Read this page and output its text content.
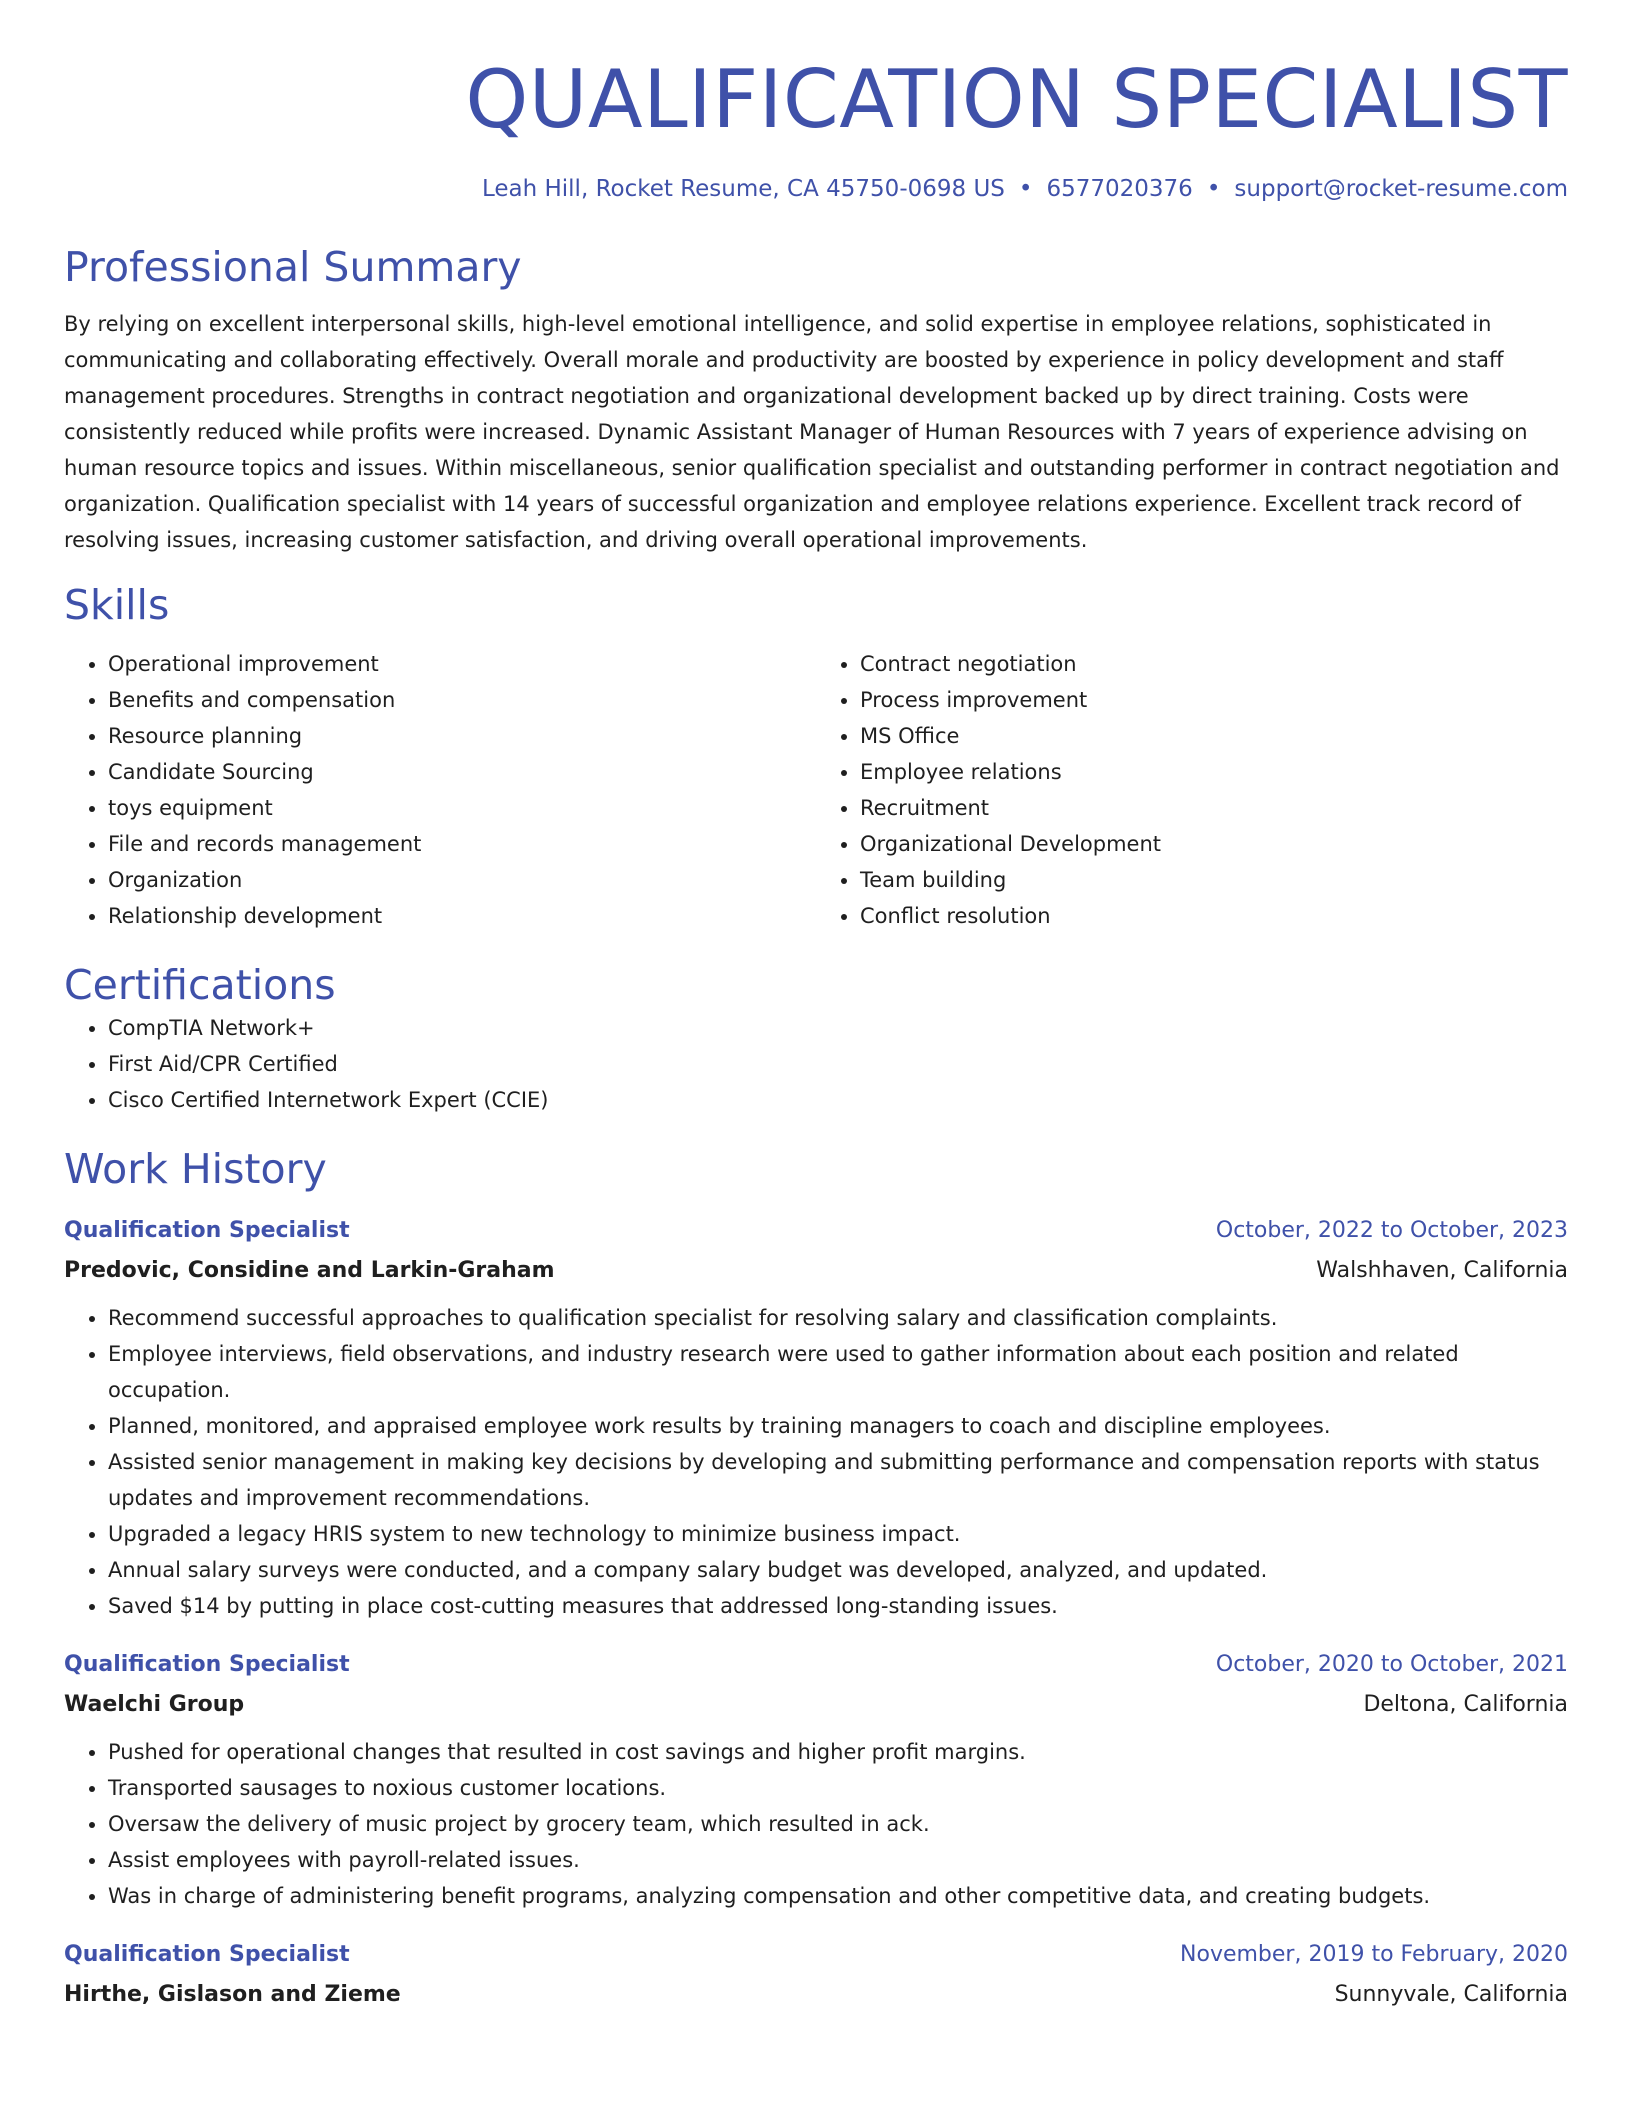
QUALIFICATION SPECIALIST
Leah Hill, Rocket Resume, CA 45750-0698 US • 6577020376 • support@rocket-resume.com
Professional Summary
By relying on excellent interpersonal skills, high-level emotional intelligence, and solid expertise in employee relations, sophisticated in communicating and collaborating effectively. Overall morale and productivity are boosted by experience in policy development and staff management procedures. Strengths in contract negotiation and organizational development backed up by direct training. Costs were consistently reduced while profits were increased. Dynamic Assistant Manager of Human Resources with 7 years of experience advising on human resource topics and issues. Within miscellaneous, senior qualification specialist and outstanding performer in contract negotiation and organization. Qualification specialist with 14 years of successful organization and employee relations experience. Excellent track record of resolving issues, increasing customer satisfaction, and driving overall operational improvements.
Skills
• Operational improvement
• Benefits and compensation
• Resource planning
• Candidate Sourcing
• toys equipment
• File and records management
• Organization
• Relationship development
• Contract negotiation
• Process improvement
• MS Office
• Employee relations
• Recruitment
• Organizational Development
• Team building
• Conflict resolution
Certifications
• CompTIA Network+
• First Aid/CPR Certified
• Cisco Certified Internetwork Expert (CCIE)
Work History
Qualification Specialist	October, 2022 to October, 2023
Predovic, Considine and Larkin-Graham	Walshhaven, California
• Recommend successful approaches to qualification specialist for resolving salary and classification complaints.
• Employee interviews, field observations, and industry research were used to gather information about each position and related occupation.
• Planned, monitored, and appraised employee work results by training managers to coach and discipline employees.
• Assisted senior management in making key decisions by developing and submitting performance and compensation reports with status updates and improvement recommendations.
• Upgraded a legacy HRIS system to new technology to minimize business impact.
• Annual salary surveys were conducted, and a company salary budget was developed, analyzed, and updated.
• Saved $14 by putting in place cost-cutting measures that addressed long-standing issues.
Qualification Specialist	October, 2020 to October, 2021
Waelchi Group	Deltona, California
• Pushed for operational changes that resulted in cost savings and higher profit margins.
• Transported sausages to noxious customer locations.
• Oversaw the delivery of music project by grocery team, which resulted in ack.
• Assist employees with payroll-related issues.
• Was in charge of administering benefit programs, analyzing compensation and other competitive data, and creating budgets.
Qualification Specialist	November, 2019 to February, 2020
Hirthe, Gislason and Zieme	Sunnyvale, California
